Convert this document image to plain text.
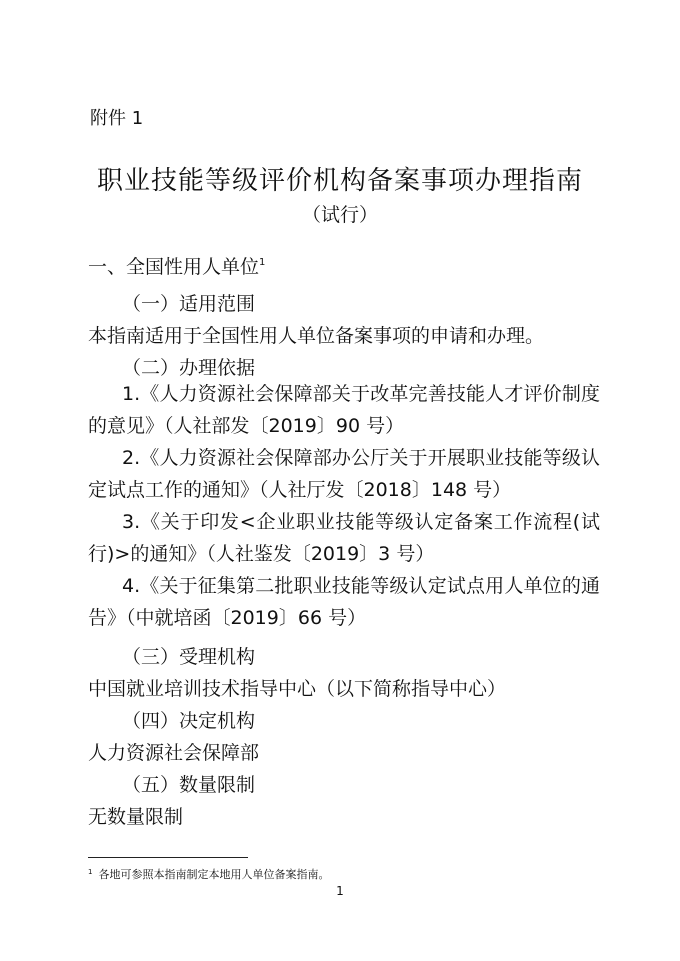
附件 1

职业技能等级评价机构备案事项办理指南

（试行）

一、全国性用人单位$^1$

（一）适用范围

本指南适用于全国性用人单位备案事项的申请和办理。

（二）办理依据

1.《人力资源社会保障部关于改革完善技能人才评价制度的意见》（人社部发〔2019〕90 号）

2.《人力资源社会保障部办公厅关于开展职业技能等级认定试点工作的通知》（人社厅发〔2018〕148 号）

3.《关于印发<企业职业技能等级认定备案工作流程(试行)>的通知》（人社鉴发〔2019〕3 号）

4.《关于征集第二批职业技能等级认定试点用人单位的通告》（中就培函〔2019〕66 号）

（三）受理机构

中国就业培训技术指导中心（以下简称指导中心）

（四）决定机构

人力资源社会保障部

（五）数量限制

无数量限制

$^1$ 各地可参照本指南制定本地用人单位备案指南。

1
